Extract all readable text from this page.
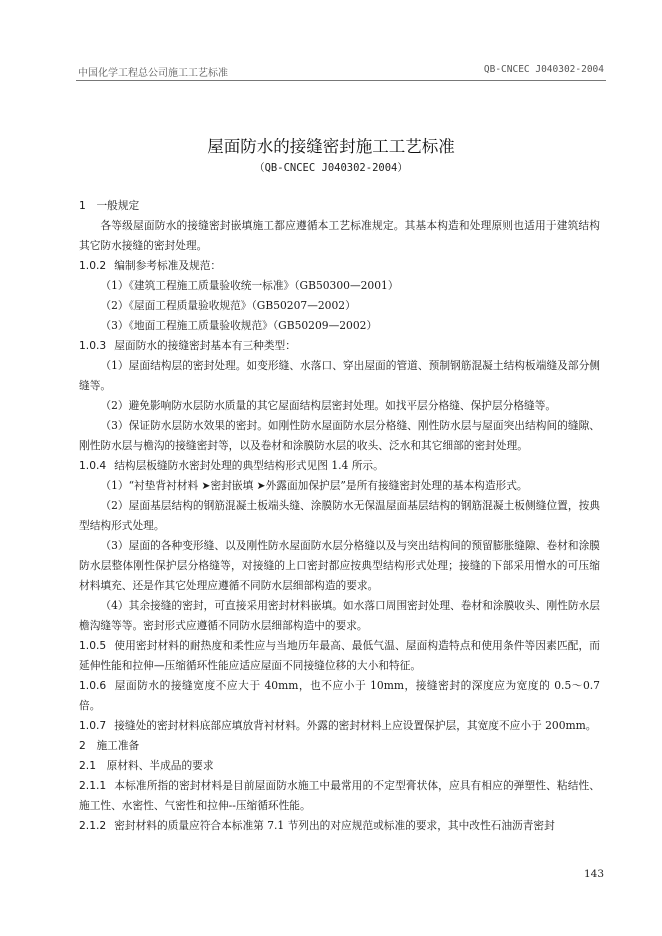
中国化学工程总公司施工工艺标准	QB-CNCEC J040302-2004
屋面防水的接缝密封施工工艺标准
（QB-CNCEC J040302-2004）

1　一般规定

各等级屋面防水的接缝密封嵌填施工都应遵循本工艺标准规定。其基本构造和处理原则也适用于建筑结构其它防水接缝的密封处理。

1.0.2 编制参考标准及规范：

（1）《建筑工程施工质量验收统一标准》（GB50300—2001）

（2）《屋面工程质量验收规范》（GB50207—2002）

（3）《地面工程施工质量验收规范》（GB50209—2002）

1.0.3 屋面防水的接缝密封基本有三种类型：

（1）屋面结构层的密封处理。如变形缝、水落口、穿出屋面的管道、预制钢筋混凝土结构板端缝及部分侧缝等。

（2）避免影响防水层防水质量的其它屋面结构层密封处理。如找平层分格缝、保护层分格缝等。

（3）保证防水层防水效果的密封。如刚性防水屋面防水层分格缝、刚性防水层与屋面突出结构间的缝隙、刚性防水层与檐沟的接缝密封等，以及卷材和涂膜防水层的收头、泛水和其它细部的密封处理。

1.0.4 结构层板缝防水密封处理的典型结构形式见图 1.4 所示。

（1）“衬垫背衬材料 ➤密封嵌填 ➤外露面加保护层”是所有接缝密封处理的基本构造形式。

（2）屋面基层结构的钢筋混凝土板端头缝、涂膜防水无保温屋面基层结构的钢筋混凝土板侧缝位置，按典型结构形式处理。

（3）屋面的各种变形缝、以及刚性防水屋面防水层分格缝以及与突出结构间的预留膨胀缝隙、卷材和涂膜防水层整体刚性保护层分格缝等，对接缝的上口密封都应按典型结构形式处理；接缝的下部采用憎水的可压缩材料填充、还是作其它处理应遵循不同防水层细部构造的要求。

（4）其余接缝的密封，可直接采用密封材料嵌填。如水落口周围密封处理、卷材和涂膜收头、刚性防水层檐沟缝等等。密封形式应遵循不同防水层细部构造中的要求。

1.0.5 使用密封材料的耐热度和柔性应与当地历年最高、最低气温、屋面构造特点和使用条件等因素匹配，而延伸性能和拉伸—压缩循环性能应适应屋面不同接缝位移的大小和特征。

1.0.6 屋面防水的接缝宽度不应大于 40mm，也不应小于 10mm，接缝密封的深度应为宽度的 0.5～0.7 倍。

1.0.7 接缝处的密封材料底部应填放背衬材料。外露的密封材料上应设置保护层，其宽度不应小于 200mm。

2　施工准备

2.1　原材料、半成品的要求

2.1.1 本标准所指的密封材料是目前屋面防水施工中最常用的不定型膏状体，应具有相应的弹塑性、粘结性、施工性、水密性、气密性和拉伸--压缩循环性能。

2.1.2 密封材料的质量应符合本标准第 7.1 节列出的对应规范或标准的要求，其中改性石油沥青密封

143
